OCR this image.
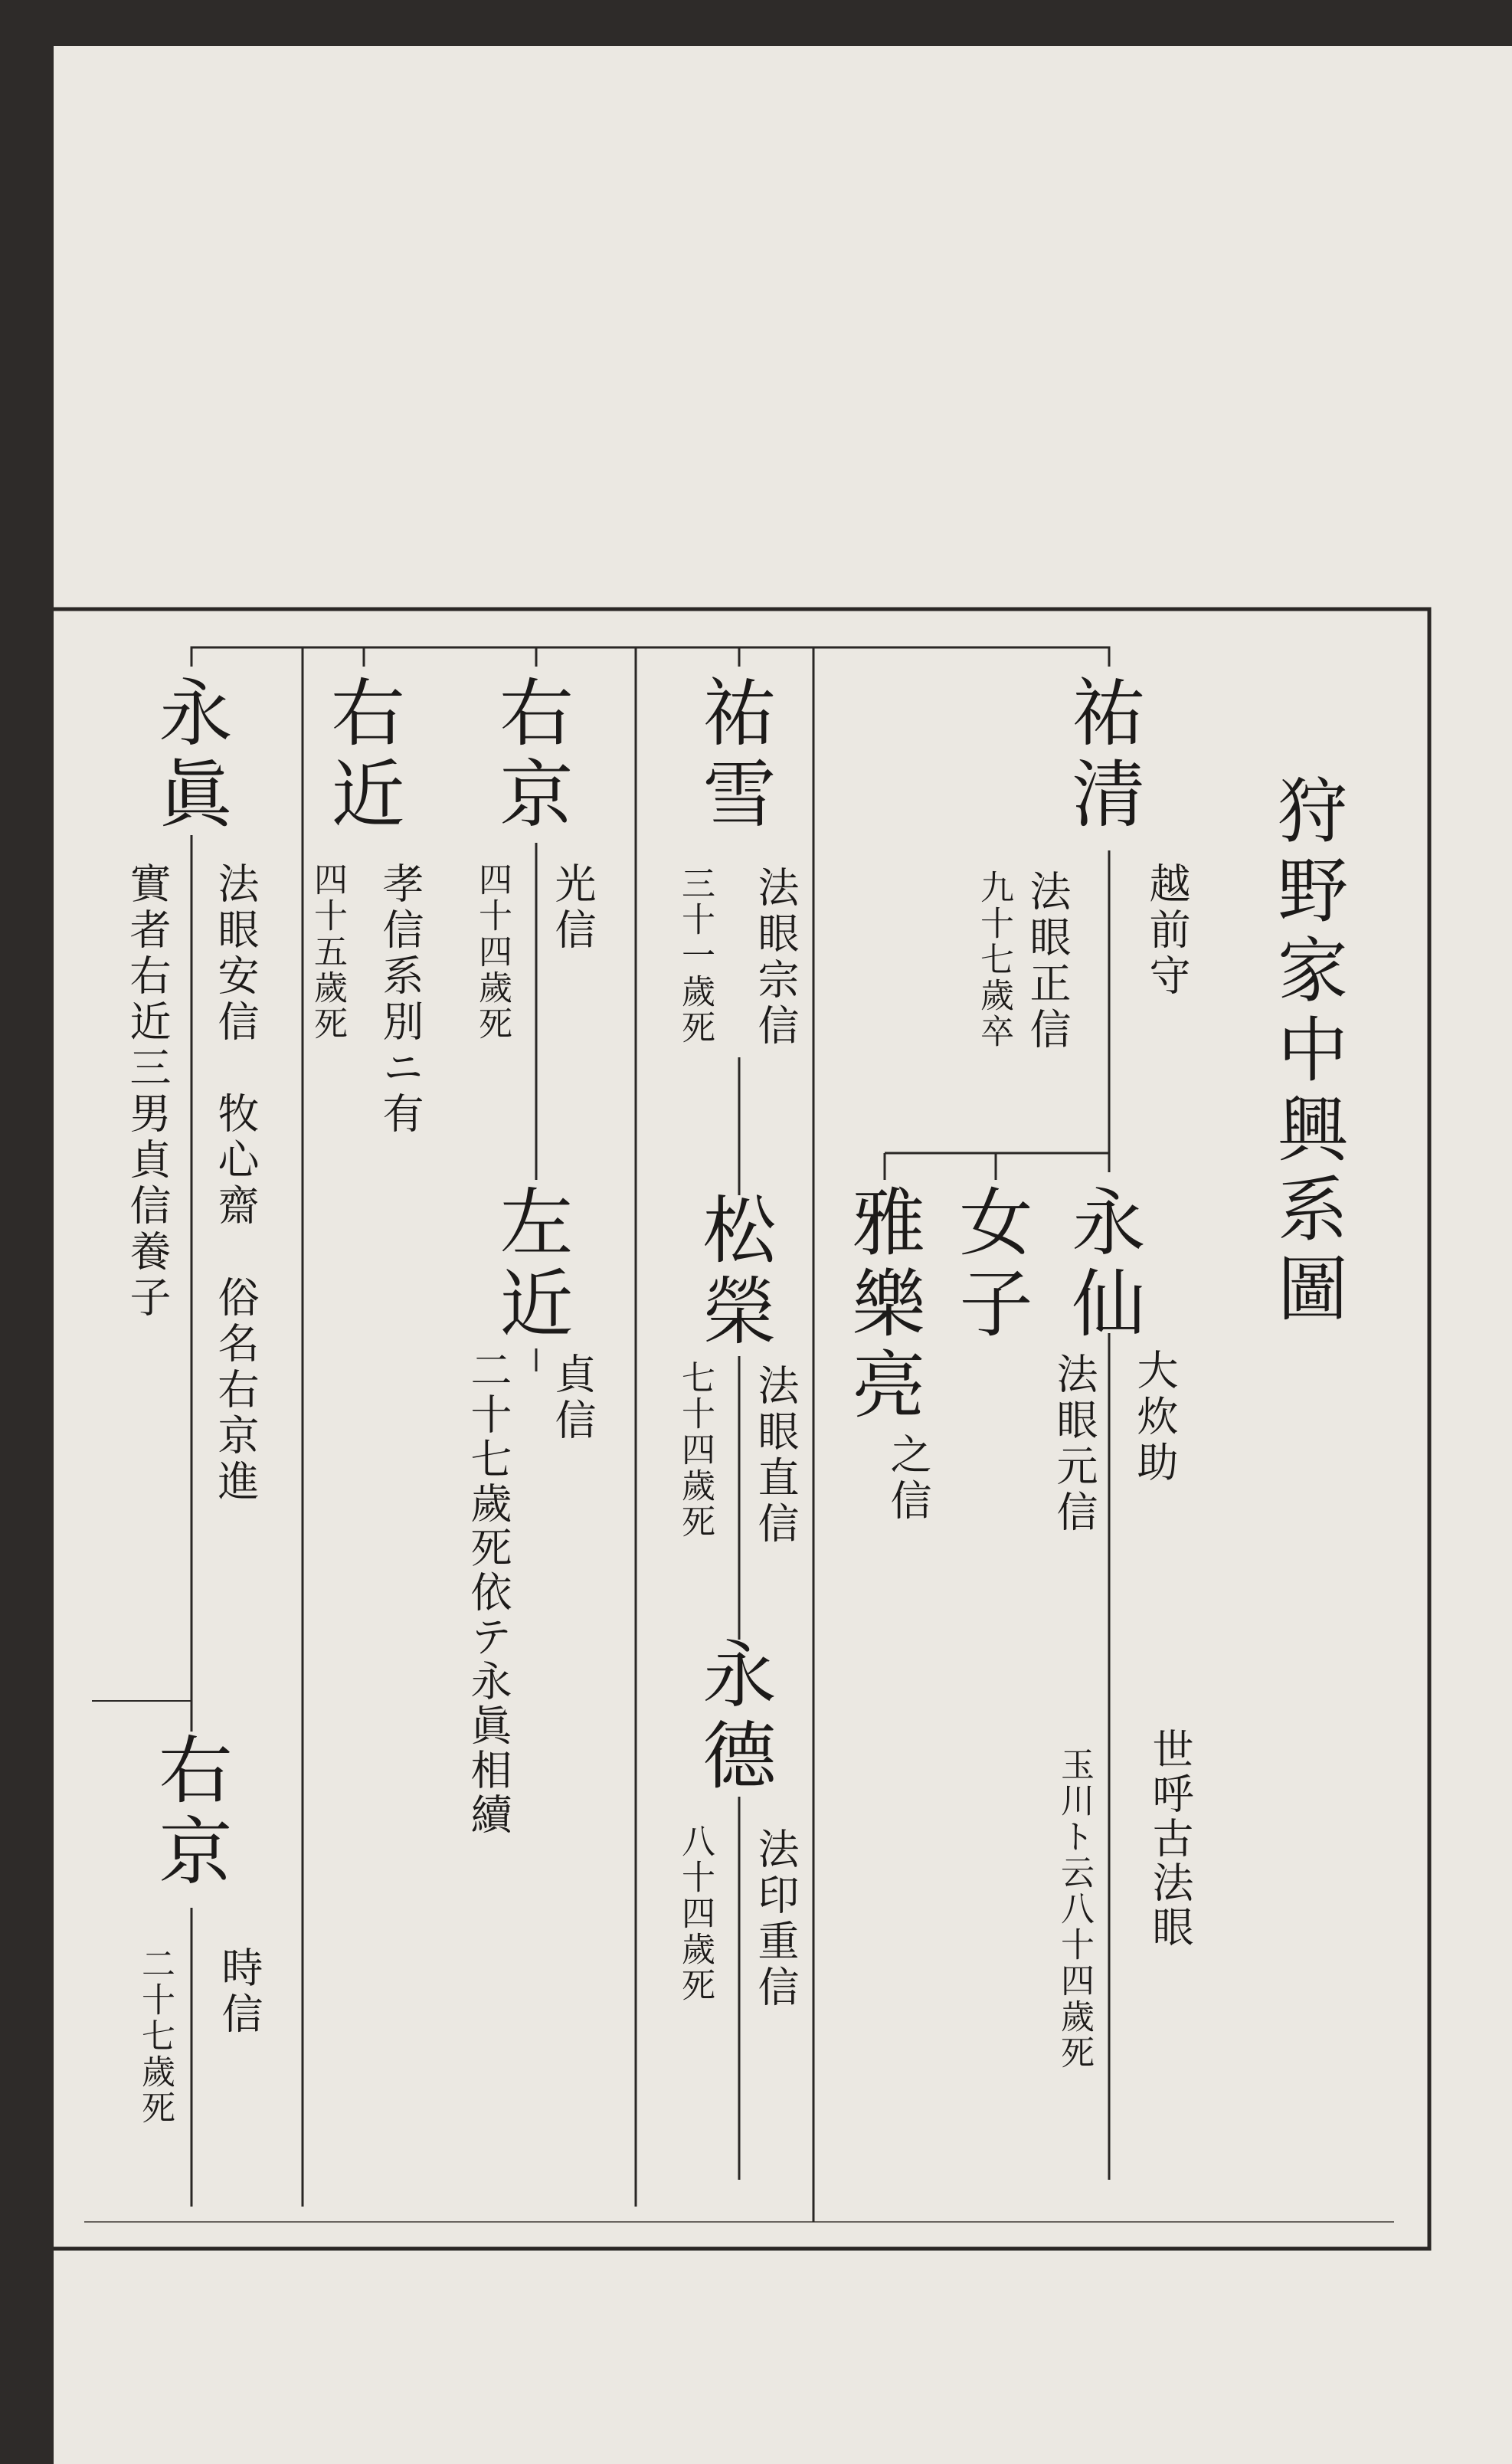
狩野家中興系圖
祐清
越前守
法眼正信
九十七歲卒
永仙
大炊助
法眼元信
世呼古法眼
玉川ト云八十四歲死
女子
雅樂亮
之信
祐雪
法眼宗信
三十一歲死
松榮
法眼直信
七十四歲死
永德
法印重信
八十四歲死
右京
光信
四十四歲死
左近
貞信
二十七歲死依テ永眞相續
右近
孝信系別ニ有
四十五歲死
永眞
法眼安信　牧心齋　俗名右京進
實者右近三男貞信養子
右京
時信
二十七歲死
